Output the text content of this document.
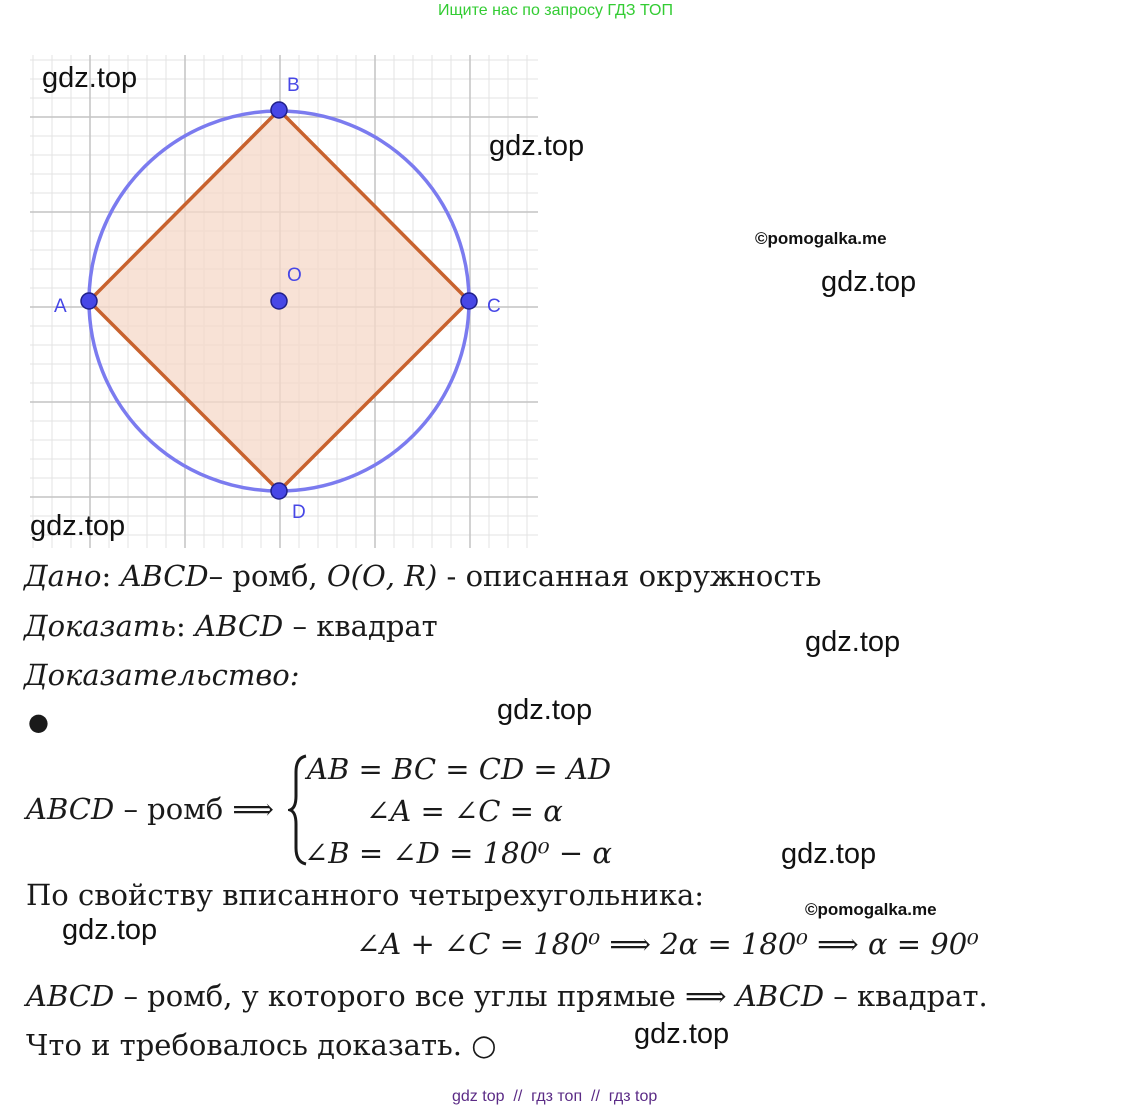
Ищите нас по запросу ГДЗ ТОП
A
B
C
D
O
gdz.top
gdz.top
©pomogalka.me
gdz.top
gdz.top
gdz.top
gdz.top
gdz.top
©pomogalka.me
gdz.top
gdz.top
Дано: ABCD– ромб, 𝑂(𝑂, 𝑅) - описанная окружность
Доказать: ABCD – квадрат
Доказательство:
●
ABCD – ромб ⟹
AB = BC = CD = AD
∠A = ∠C = α
∠B = ∠D = 180⁰ − α
По свойству вписанного четырехугольника:
∠A + ∠C = 180⁰ ⟹ 2α = 180⁰ ⟹ α = 90⁰
ABCD – ромб, у которого все углы прямые ⟹ ABCD – квадрат.
Что и требовалось доказать. ○
gdz top  //  гдз топ  //  гдз top
